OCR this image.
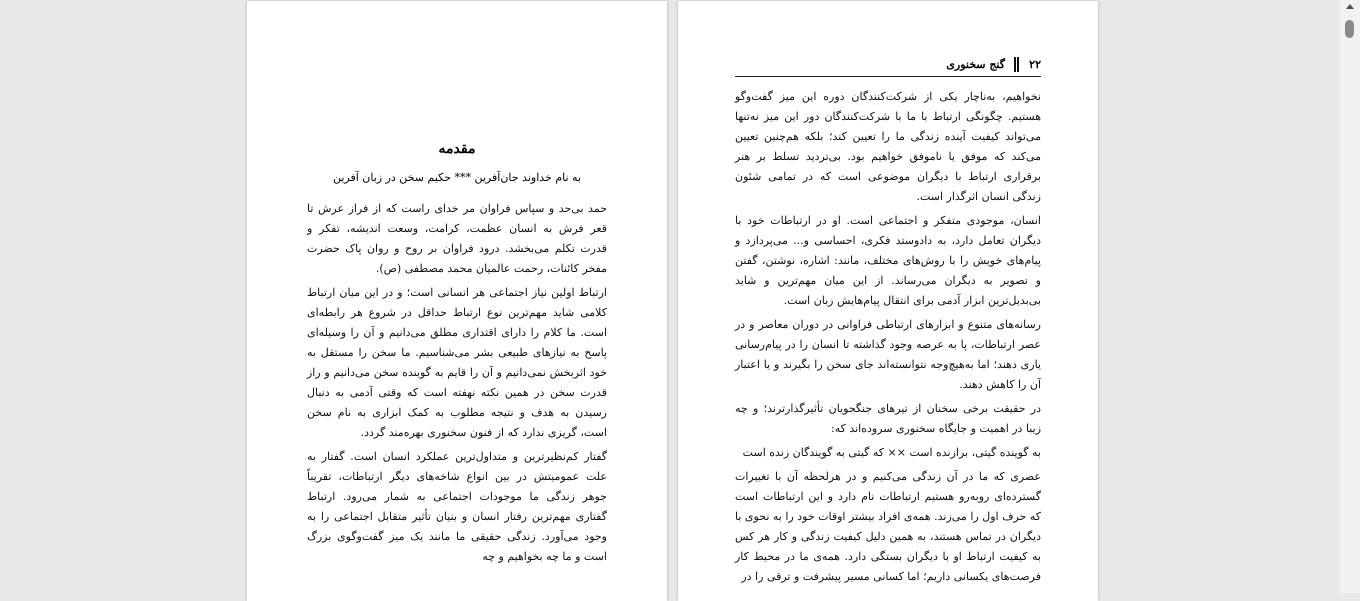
مقدمه
به نام خداوند جان‌آفرین *** حکیم سخن در زبان آفرین

حمد بی‌حد و سپاس فراوان مر خدای راست که از فراز عرش تا قعر فرش به انسان عظمت، کرامت، وسعت اندیشه، تفکر و قدرت تکلم می‌بخشد. درود فراوان بر روح و روان پاک حضرت مفخر کائنات، رحمت عالمیان محمد مصطفی (ص).

ارتباط اولین نیاز اجتماعی هر انسانی است؛ و در این میان ارتباط کلامی شاید مهم‌ترین نوع ارتباط حداقل در شروع هر رابطه‌ای است. ما کلام را دارای اقتداری مطلق می‌دانیم و آن را وسیله‌ای پاسخ به نیازهای طبیعی بشر می‌شناسیم. ما سخن را مستقل به خود اثربخش نمی‌دانیم و آن را قایم به گوینده سخن می‌دانیم و راز قدرت سخن در همین نکته نهفته است که وقتی آدمی به دنبال رسیدن به هدف و نتیجه مطلوب به کمک ابزاری به نام سخن است، گریزی ندارد که از فنون سخنوری بهره‌مند گردد.

گفتار کم‌نظیرترین و متداول‌ترین عملکرد انسان است. گفتار به علت عمومیتش در بین انواع شاخه‌های دیگر ارتباطات، تقریباً جوهر زندگی ما موجودات اجتماعی به شمار می‌رود. ارتباط گفتاری مهم‌ترین رفتار انسان و بنیان تأثیر متقابل اجتماعی را به وجود می‌آورد. زندگی حقیقی ما مانند یک میز گفت‌وگوی بزرگ است و ما چه بخواهیم و چه

۲۲
گنج سخنوری

نخواهیم، به‌ناچار یکی از شرکت‌کنندگان دوره این میز گفت‌وگو هستیم. چگونگی ارتباط با ما با شرکت‌کنندگان دور این میز نه‌تنها می‌تواند کیفیت آینده زندگی ما را تعیین کند؛ بلکه هم‌چنین تعیین می‌کند که موفق یا ناموفق خواهیم بود. بی‌تردید تسلط بر هنر برقراری ارتباط با دیگران موضوعی است که در تمامی شئون زندگی انسان اثرگذار است.

انسان، موجودی متفکر و اجتماعی است. او در ارتباطات خود با دیگران تعامل دارد، به دادوستد فکری، احساسی و... می‌پردازد و پیام‌های خویش را با روش‌های مختلف، مانند: اشاره، نوشتن، گفتن و تصویر به دیگران می‌رساند. از این میان مهم‌ترین و شاید بی‌بدیل‌ترین ابزار آدمی برای انتقال پیام‌هایش زبان است.

رسانه‌های متنوع و ابزارهای ارتباطی فراوانی در دوران معاصر و در عصر ارتباطات، پا به عرصه وجود گذاشته تا انسان را در پیام‌رسانی یاری دهند؛ اما به‌هیچ‌وجه نتوانسته‌اند جای سخن را بگیرند و یا اعتبار آن را کاهش دهند.

در حقیقت برخی سخنان از تیرهای جنگجویان تأثیرگذارترند؛ و چه زیبا در اهمیت و جایگاه سخنوری سروده‌اند که:

به گوینده گیتی، برازنده است ×× که گیتی به گویندگان زنده است

عصری که ما در آن زندگی می‌کنیم و در هرلحظه آن با تغییرات گسترده‌ای روبه‌رو هستیم ارتباطات نام دارد و این ارتباطات است که حرف اول را می‌زند. همه‌ی افراد بیشتر اوقات خود را به نحوی با دیگران در تماس هستند، به همین دلیل کیفیت زندگی و کار هر کس به کیفیت ارتباط او با دیگران بستگی دارد. همه‌ی ما در محیط کار فرصت‌های یکسانی داریم؛ اما کسانی مسیر پیشرفت و ترقی را در
